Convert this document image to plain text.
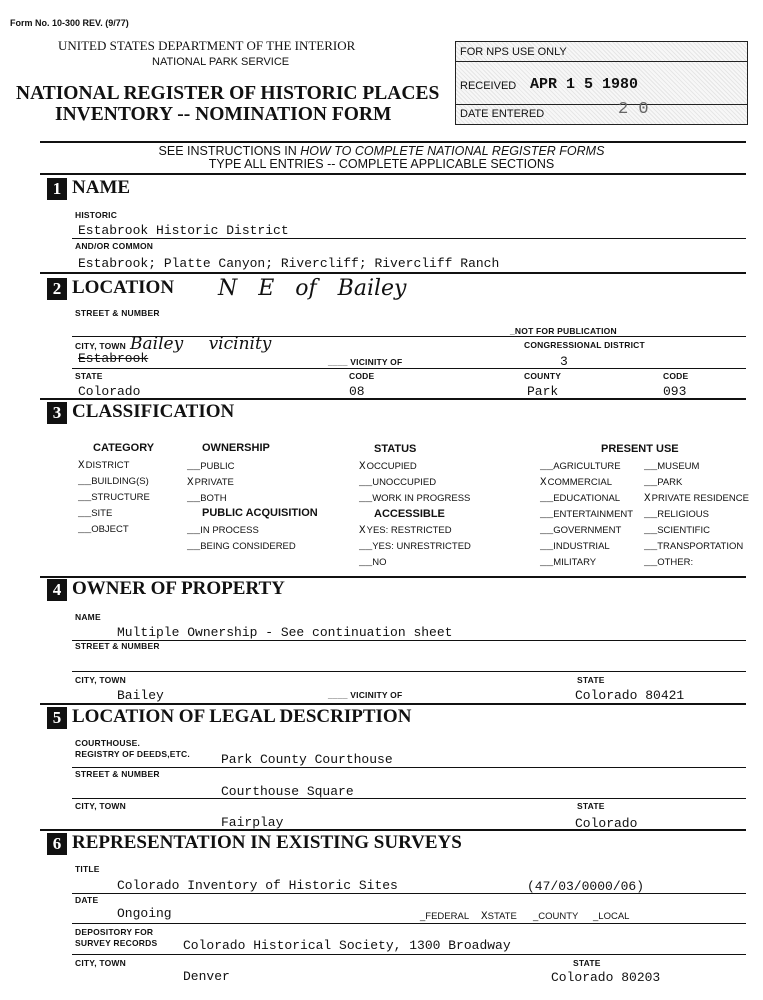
Form No. 10-300 REV. (9/77)
UNITED STATES DEPARTMENT OF THE INTERIOR
NATIONAL PARK SERVICE
NATIONAL REGISTER OF HISTORIC PLACES
INVENTORY -- NOMINATION FORM
FOR NPS USE ONLY
RECEIVED APR 1 5 1980
DATE ENTERED	2 0
SEE INSTRUCTIONS IN HOW TO COMPLETE NATIONAL REGISTER FORMS
TYPE ALL ENTRIES -- COMPLETE APPLICABLE SECTIONS
1 NAME
HISTORIC
Estabrook Historic District
AND/OR COMMON
Estabrook; Platte Canyon; Rivercliff; Rivercliff Ranch
2 LOCATION N E of Bailey
STREET & NUMBER
_NOT FOR PUBLICATION
CITY, TOWN Bailey vicinity
Estabrook	____ VICINITY OF
CONGRESSIONAL DISTRICT
3
STATE
Colorado
CODE
08
COUNTY
Park
CODE
093
3 CLASSIFICATION
CATEGORY	OWNERSHIP	STATUS	PRESENT USE
PUBLIC ACQUISITION	ACCESSIBLE
XDISTRICT
__BUILDING(S)
__STRUCTURE
__SITE
__OBJECT
__PUBLIC
XPRIVATE
__BOTH
__IN PROCESS
__BEING CONSIDERED
XOCCUPIED
__UNOCCUPIED
__WORK IN PROGRESS
XYES: RESTRICTED
__YES: UNRESTRICTED
__NO
__AGRICULTURE
XCOMMERCIAL
__EDUCATIONAL
__ENTERTAINMENT
__GOVERNMENT
__INDUSTRIAL
__MILITARY
__MUSEUM
__PARK
XPRIVATE RESIDENCE
__RELIGIOUS
__SCIENTIFIC
__TRANSPORTATION
__OTHER:
4 OWNER OF PROPERTY
NAME
Multiple Ownership - See continuation sheet
STREET & NUMBER
CITY, TOWN
Bailey	____ VICINITY OF
STATE
Colorado 80421
5 LOCATION OF LEGAL DESCRIPTION
COURTHOUSE.
REGISTRY OF DEEDS,ETC. Park County Courthouse
STREET & NUMBER
Courthouse Square
CITY, TOWN
Fairplay
STATE
Colorado
6 REPRESENTATION IN EXISTING SURVEYS
TITLE
Colorado Inventory of Historic Sites	(47/03/0000/06)
DATE
Ongoing	_FEDERAL XSTATE _COUNTY _LOCAL
DEPOSITORY FOR
SURVEY RECORDS Colorado Historical Society, 1300 Broadway
CITY, TOWN
Denver
STATE
Colorado 80203
